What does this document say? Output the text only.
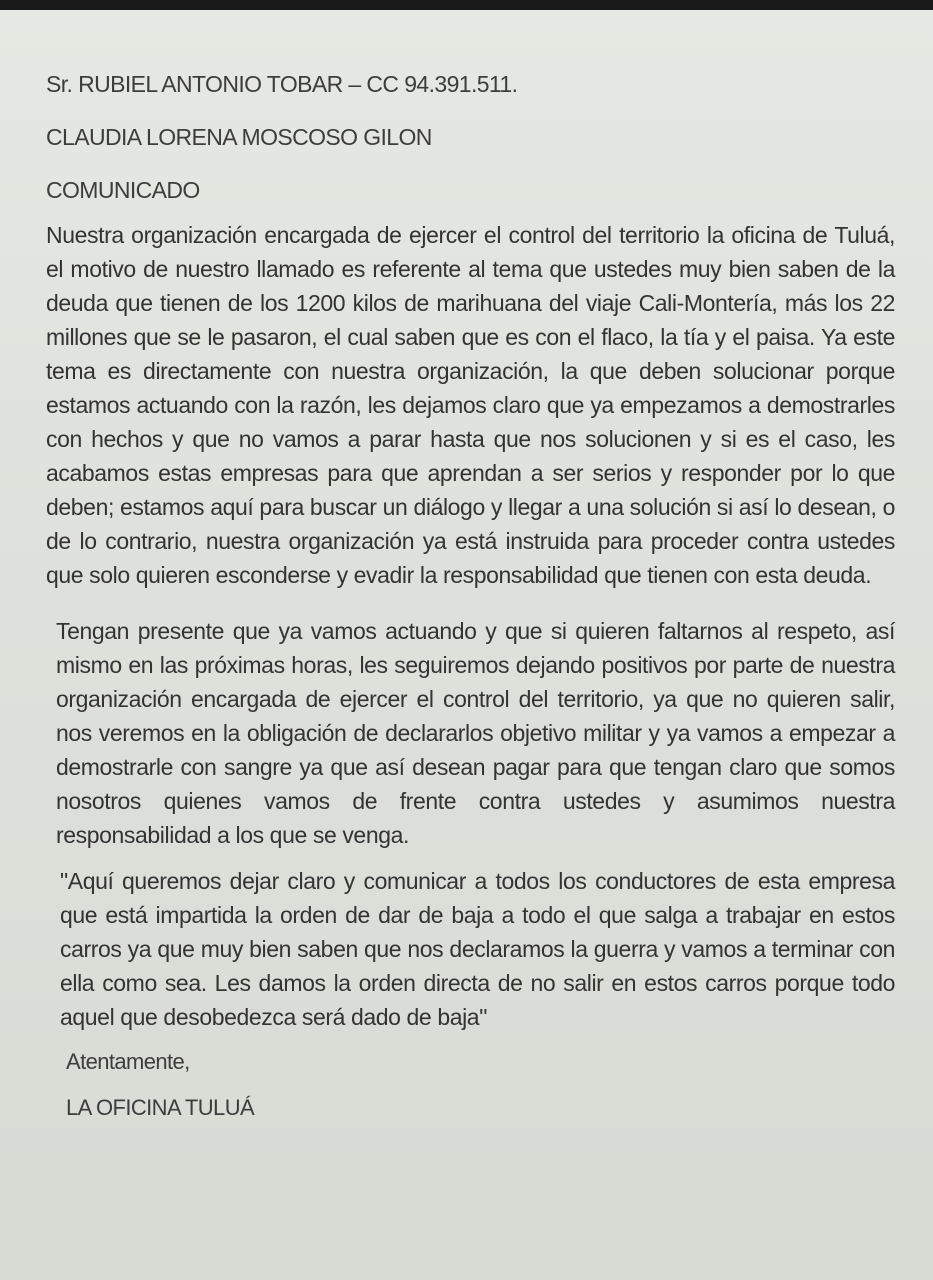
Sr. RUBIEL ANTONIO TOBAR – CC 94.391.511.
CLAUDIA LORENA MOSCOSO GILON
COMUNICADO

Nuestra organización encargada de ejercer el control del territorio la oficina de Tuluá, el motivo de nuestro llamado es referente al tema que ustedes muy bien saben de la deuda que tienen de los 1200 kilos de marihuana del viaje Cali-Montería, más los 22 millones que se le pasaron, el cual saben que es con el flaco, la tía y el paisa. Ya este tema es directamente con nuestra organización, la que deben solucionar porque estamos actuando con la razón, les dejamos claro que ya empezamos a demostrarles con hechos y que no vamos a parar hasta que nos solucionen y si es el caso, les acabamos estas empresas para que aprendan a ser serios y responder por lo que deben; estamos aquí para buscar un diálogo y llegar a una solución si así lo desean, o de lo contrario, nuestra organización ya está instruida para proceder contra ustedes que solo quieren esconderse y evadir la responsabilidad que tienen con esta deuda.

Tengan presente que ya vamos actuando y que si quieren faltarnos al respeto, así mismo en las próximas horas, les seguiremos dejando positivos por parte de nuestra organización encargada de ejercer el control del territorio, ya que no quieren salir, nos veremos en la obligación de declararlos objetivo militar y ya vamos a empezar a demostrarle con sangre ya que así desean pagar para que tengan claro que somos nosotros quienes vamos de frente contra ustedes y asumimos nuestra responsabilidad a los que se venga.

"Aquí queremos dejar claro y comunicar a todos los conductores de esta empresa que está impartida la orden de dar de baja a todo el que salga a trabajar en estos carros ya que muy bien saben que nos declaramos la guerra y vamos a terminar con ella como sea. Les damos la orden directa de no salir en estos carros porque todo aquel que desobedezca será dado de baja"

Atentamente,
LA OFICINA TULUÁ
